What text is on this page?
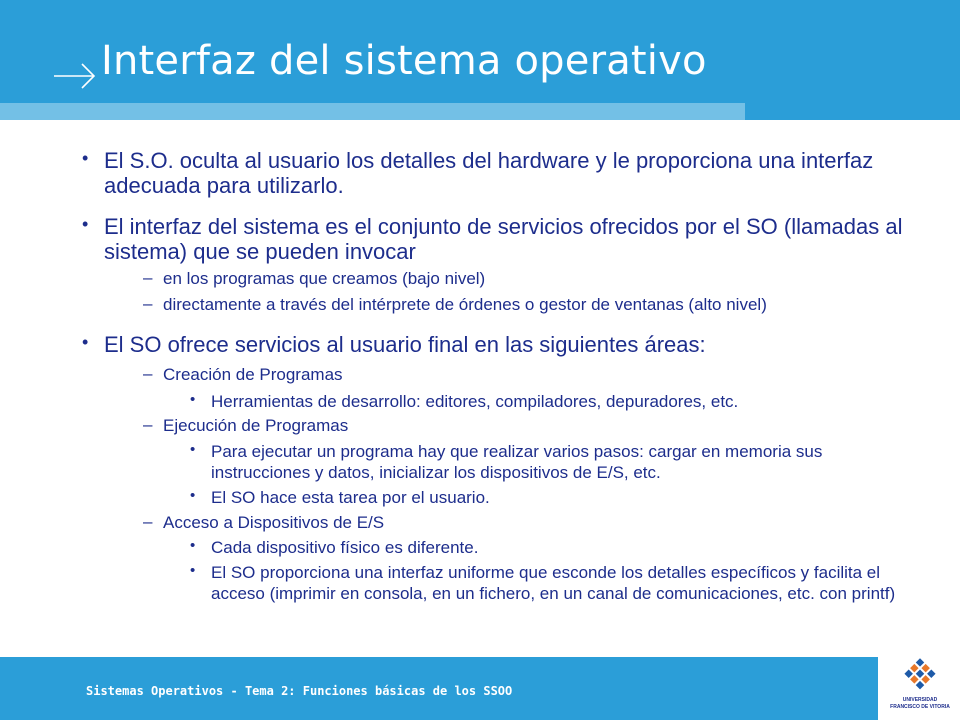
Interfaz del sistema operativo
• El S.O. oculta al usuario los detalles del hardware y le proporciona una interfaz adecuada para utilizarlo.
• El interfaz del sistema es el conjunto de servicios ofrecidos por el SO (llamadas al sistema) que se pueden invocar
– en los programas que creamos (bajo nivel)
– directamente a través del intérprete de órdenes o gestor de ventanas (alto nivel)
• El SO ofrece servicios al usuario final en las siguientes áreas:
– Creación de Programas
• Herramientas de desarrollo: editores, compiladores, depuradores, etc.
– Ejecución de Programas
• Para ejecutar un programa hay que realizar varios pasos: cargar en memoria sus instrucciones y datos, inicializar los dispositivos de E/S, etc.
• El SO hace esta tarea por el usuario.
– Acceso a Dispositivos de E/S
• Cada dispositivo físico es diferente.
• El SO proporciona una interfaz uniforme que esconde los detalles específicos y facilita el acceso (imprimir en consola, en un fichero, en un canal de comunicaciones, etc. con printf)
Sistemas Operativos - Tema 2: Funciones básicas de los SSOO
UNIVERSIDAD
FRANCISCO DE VITORIA
